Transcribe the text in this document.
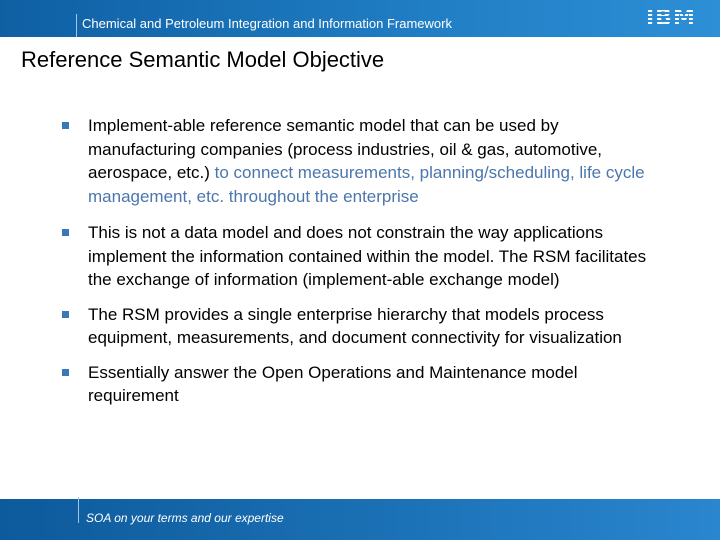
Chemical and Petroleum Integration and Information Framework	IBM
Reference Semantic Model Objective
Implement-able reference semantic model that can be used by manufacturing companies (process industries, oil & gas, automotive, aerospace, etc.) to connect measurements, planning/scheduling, life cycle management, etc. throughout the enterprise
This is not a data model and does not constrain the way applications implement the information contained within the model. The RSM facilitates the exchange of information (implement-able exchange model)
The RSM provides a single enterprise hierarchy that models process equipment, measurements, and document connectivity for visualization
Essentially answer the Open Operations and Maintenance model requirement
SOA on your terms and our expertise
